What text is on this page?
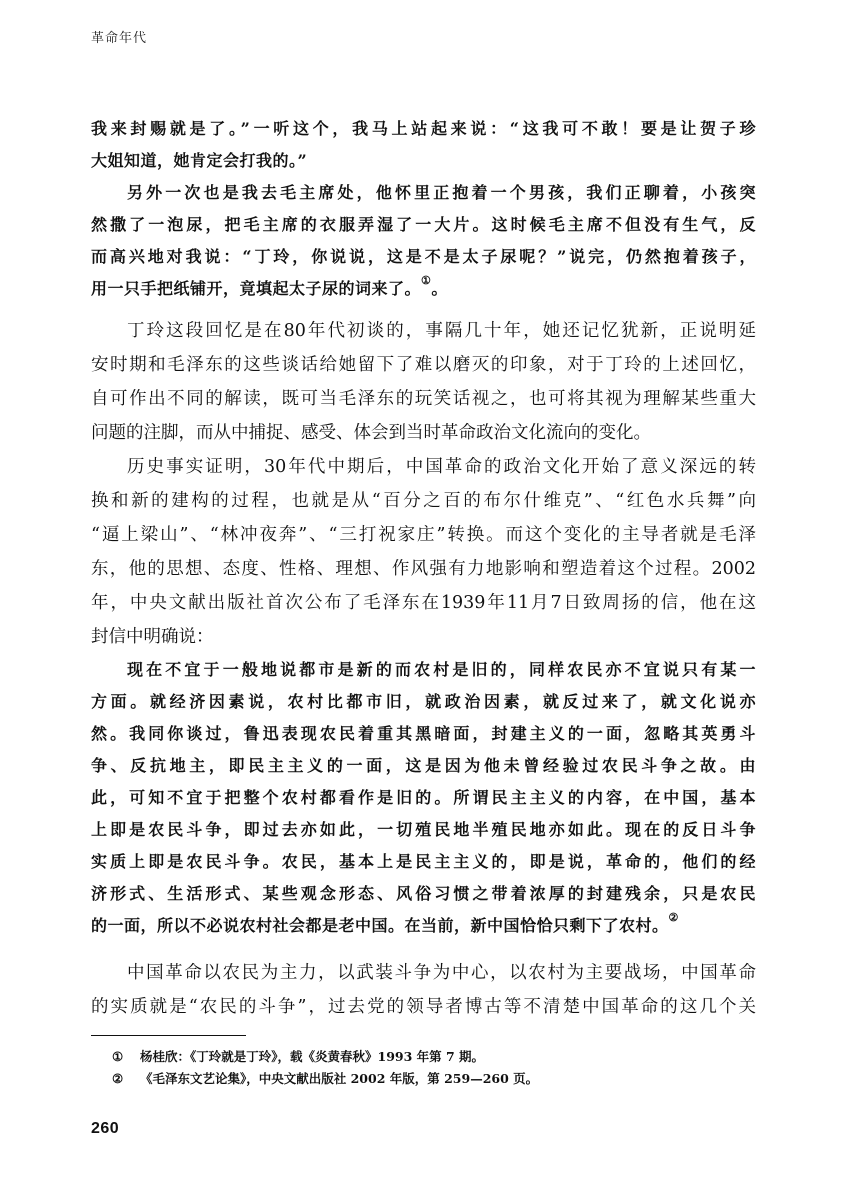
革命年代
我来封赐就是了。”一听这个，我马上站起来说：“这我可不敢！要是让贺子珍
大姐知道，她肯定会打我的。”
另外一次也是我去毛主席处，他怀里正抱着一个男孩，我们正聊着，小孩突
然撒了一泡尿，把毛主席的衣服弄湿了一大片。这时候毛主席不但没有生气，反
而高兴地对我说：“丁玲，你说说，这是不是太子尿呢？”说完，仍然抱着孩子，
用一只手把纸铺开，竟填起太子尿的词来了。①。
丁玲这段回忆是在80年代初谈的，事隔几十年，她还记忆犹新，正说明延
安时期和毛泽东的这些谈话给她留下了难以磨灭的印象，对于丁玲的上述回忆，
自可作出不同的解读，既可当毛泽东的玩笑话视之，也可将其视为理解某些重大
问题的注脚，而从中捕捉、感受、体会到当时革命政治文化流向的变化。
历史事实证明，30年代中期后，中国革命的政治文化开始了意义深远的转
换和新的建构的过程，也就是从“百分之百的布尔什维克”、“红色水兵舞”向
“逼上梁山”、“林冲夜奔”、“三打祝家庄”转换。而这个变化的主导者就是毛泽
东，他的思想、态度、性格、理想、作风强有力地影响和塑造着这个过程。2002
年，中央文献出版社首次公布了毛泽东在1939年11月7日致周扬的信，他在这
封信中明确说：
现在不宜于一般地说都市是新的而农村是旧的，同样农民亦不宜说只有某一
方面。就经济因素说，农村比都市旧，就政治因素，就反过来了，就文化说亦
然。我同你谈过，鲁迅表现农民着重其黑暗面，封建主义的一面，忽略其英勇斗
争、反抗地主，即民主主义的一面，这是因为他未曾经验过农民斗争之故。由
此，可知不宜于把整个农村都看作是旧的。所谓民主主义的内容，在中国，基本
上即是农民斗争，即过去亦如此，一切殖民地半殖民地亦如此。现在的反日斗争
实质上即是农民斗争。农民，基本上是民主主义的，即是说，革命的，他们的经
济形式、生活形式、某些观念形态、风俗习惯之带着浓厚的封建残余，只是农民
的一面，所以不必说农村社会都是老中国。在当前，新中国恰恰只剩下了农村。②
中国革命以农民为主力，以武装斗争为中心，以农村为主要战场，中国革命
的实质就是“农民的斗争”，过去党的领导者博古等不清楚中国革命的这几个关
① 杨桂欣：《丁玲就是丁玲》，载《炎黄春秋》1993 年第 7 期。
② 《毛泽东文艺论集》，中央文献出版社 2002 年版，第 259—260 页。
260
